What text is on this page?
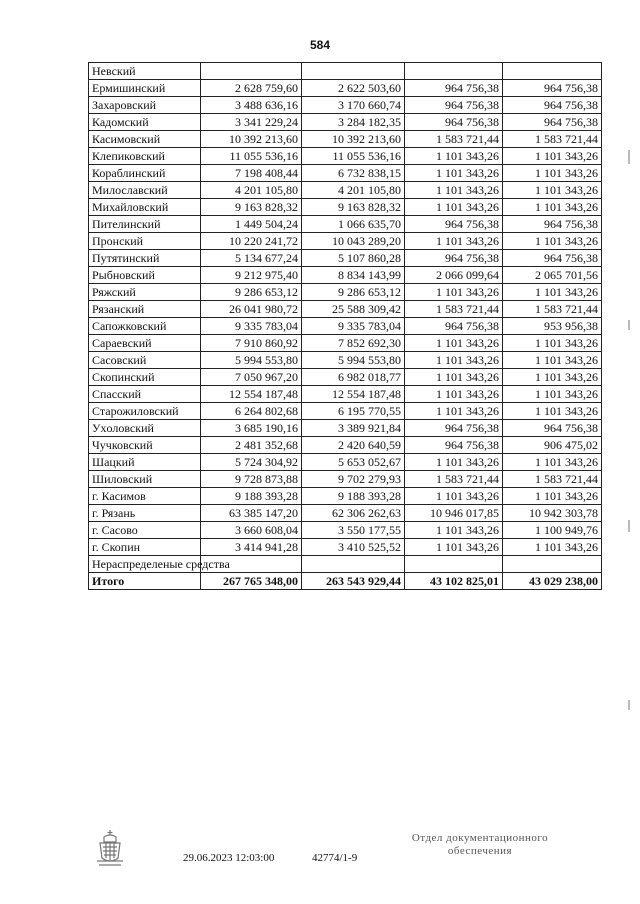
584
Невский				
Ермишинский	2 628 759,60	2 622 503,60	964 756,38	964 756,38
Захаровский	3 488 636,16	3 170 660,74	964 756,38	964 756,38
Кадомский	3 341 229,24	3 284 182,35	964 756,38	964 756,38
Касимовский	10 392 213,60	10 392 213,60	1 583 721,44	1 583 721,44
Клепиковский	11 055 536,16	11 055 536,16	1 101 343,26	1 101 343,26
Кораблинский	7 198 408,44	6 732 838,15	1 101 343,26	1 101 343,26
Милославский	4 201 105,80	4 201 105,80	1 101 343,26	1 101 343,26
Михайловский	9 163 828,32	9 163 828,32	1 101 343,26	1 101 343,26
Пителинский	1 449 504,24	1 066 635,70	964 756,38	964 756,38
Пронский	10 220 241,72	10 043 289,20	1 101 343,26	1 101 343,26
Путятинский	5 134 677,24	5 107 860,28	964 756,38	964 756,38
Рыбновский	9 212 975,40	8 834 143,99	2 066 099,64	2 065 701,56
Ряжский	9 286 653,12	9 286 653,12	1 101 343,26	1 101 343,26
Рязанский	26 041 980,72	25 588 309,42	1 583 721,44	1 583 721,44
Сапожковский	9 335 783,04	9 335 783,04	964 756,38	953 956,38
Сараевский	7 910 860,92	7 852 692,30	1 101 343,26	1 101 343,26
Сасовский	5 994 553,80	5 994 553,80	1 101 343,26	1 101 343,26
Скопинский	7 050 967,20	6 982 018,77	1 101 343,26	1 101 343,26
Спасский	12 554 187,48	12 554 187,48	1 101 343,26	1 101 343,26
Старожиловский	6 264 802,68	6 195 770,55	1 101 343,26	1 101 343,26
Уxоловский	3 685 190,16	3 389 921,84	964 756,38	964 756,38
Чучковский	2 481 352,68	2 420 640,59	964 756,38	906 475,02
Шацкий	5 724 304,92	5 653 052,67	1 101 343,26	1 101 343,26
Шиловский	9 728 873,88	9 702 279,93	1 583 721,44	1 583 721,44
г. Касимов	9 188 393,28	9 188 393,28	1 101 343,26	1 101 343,26
г. Рязань	63 385 147,20	62 306 262,63	10 946 017,85	10 942 303,78
г. Сасово	3 660 608,04	3 550 177,55	1 101 343,26	1 100 949,76
г. Скопин	3 414 941,28	3 410 525,52	1 101 343,26	1 101 343,26
Нераспределеные средства				
Итого	267 765 348,00	263 543 929,44	43 102 825,01	43 029 238,00
29.06.2023 12:03:00	42774/1-9
Отдел документационного
обеспечения
